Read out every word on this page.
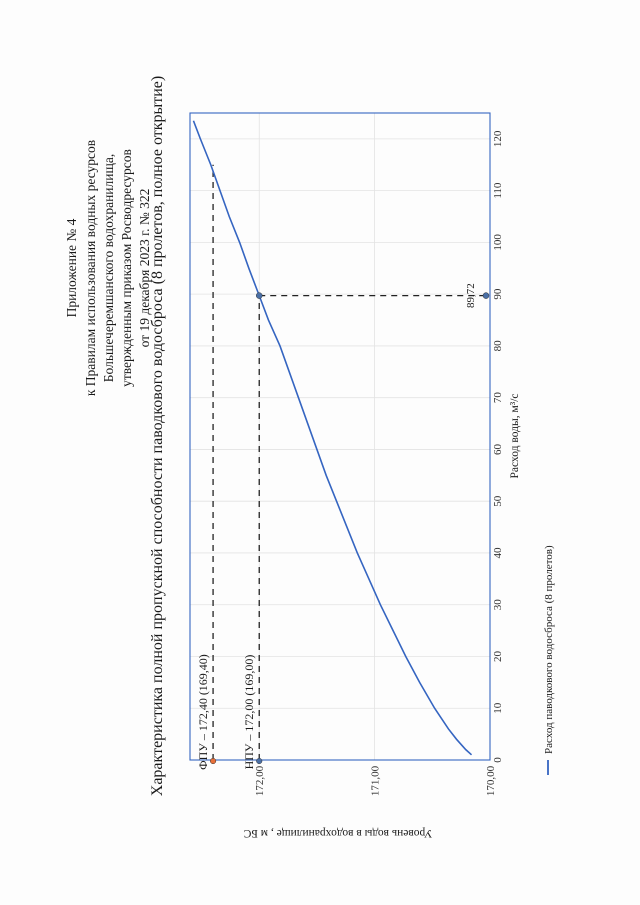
Приложение № 4 к Правилам использования водных ресурсов Большечеремшанского водохранилища, утвержденным приказом Росводресурсов от 19 декабря 2023 г. № 322
Характеристика полной пропускной способности паводкового водосброса (8 пролетов, полное открытие)	Расход воды, м³/с
Уровень воды в водохранилище , м БС
0
10
20
30
40
50
60
70
80
90
100
110
120
170,00
171,00
172,00
ФПУ – 172,40 (169,40)	НПУ – 172,00 (169,00)
89,72
Расход паводкового водосброса (8 пролетов)
